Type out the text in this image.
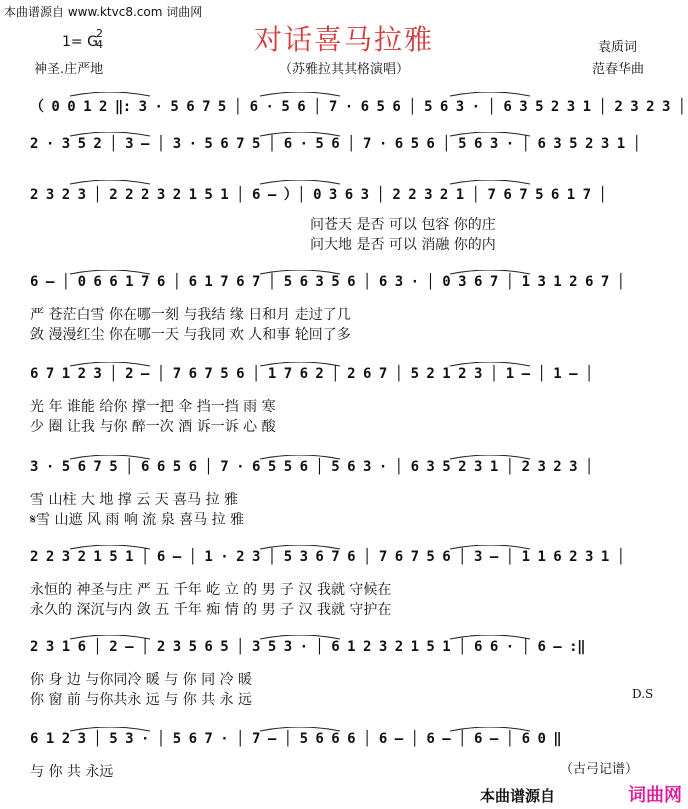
本曲谱源自 www.ktvc8.com 词曲网
对话喜马拉雅
1= G
2
4
神圣.庄严地	（苏雅拉其其格演唱）
袁质词
范春华曲
（ 0 0 1 2 ‖: 3 · 5 6 7 5 │ 6 · 5 6 │ 7 · 6 5 6 │ 5 6 3 · │ 6 3 5 2 3 1 │ 2 3 2 3 │
2 · 3 5 2 │ 3 – │ 3 · 5 6 7 5 │ 6 · 5 6 │ 7 · 6 5 6 │ 5 6 3 · │ 6 3 5 2 3 1 │
2 3 2 3 │ 2 2 2 3 2 1 5 1 │ 6 – ）│ 0 3 6 3 │ 2 2 3 2 1 │ 7 6 7 5 6 1 7 │
问苍天 是否 可以 包容 你的庄
问大地 是否 可以 消融 你的内
6 – │ 0 6 6 1 7 6 │ 6 1 7 6 7 │ 5 6 3 5 6 │ 6 3 · │ 0 3 6 7 │ 1 3 1 2 6 7 │
严 苍茫白雪 你在哪一刻 与我结 缘 日和月 走过了几
敛 漫漫红尘 你在哪一天 与我同 欢 人和事 轮回了多
6 7 1 2 3 │ 2 – │ 7 6 7 5 6 │ 1 7 6 2 │ 2 6 7 │ 5 2 1 2 3 │ 1 – │ 1 – │
光 年 谁能 给你 撑一把 伞 挡一挡 雨 寒
少 圈 让我 与你 醉一次 酒 诉一诉 心 酸
3 · 5 6 7 5 │ 6 6 5 6 │ 7 · 6 5 5 6 │ 5 6 3 · │ 6 3 5 2 3 1 │ 2 3 2 3 │
雪 山柱 大 地 撑 云 天 喜马 拉 雅
𝄋雪 山遮 风 雨 响 流 泉 喜马 拉 雅
2 2 3 2 1 5 1 │ 6 – │ 1 · 2 3 │ 5 3 6 7 6 │ 7 6 7 5 6 │ 3 – │ 1 1 6 2 3 1 │
永恒的 神圣与庄 严 五 千年 屹 立 的 男 子 汉 我就 守候在
永久的 深沉与内 敛 五 千年 痴 情 的 男 子 汉 我就 守护在
2 3 1 6 │ 2 – │ 2 3 5 6 5 │ 3 5 3 · │ 6 1 2 3 2 1 5 1 │ 6 6 · │ 6 – :‖
你 身 边 与你同冷 暖 与 你 同 冷 暖
你 窗 前 与你共永 远 与 你 共 永 远
6 1 2 3 │ 5 3 · │ 5 6 7 · │ 7 – │ 5 6 6 6 │ 6 – │ 6 – │ 6 – │ 6 0 ‖
与 你 共 永远
D.S
（古弓记谱）
本曲谱源自	词曲网
